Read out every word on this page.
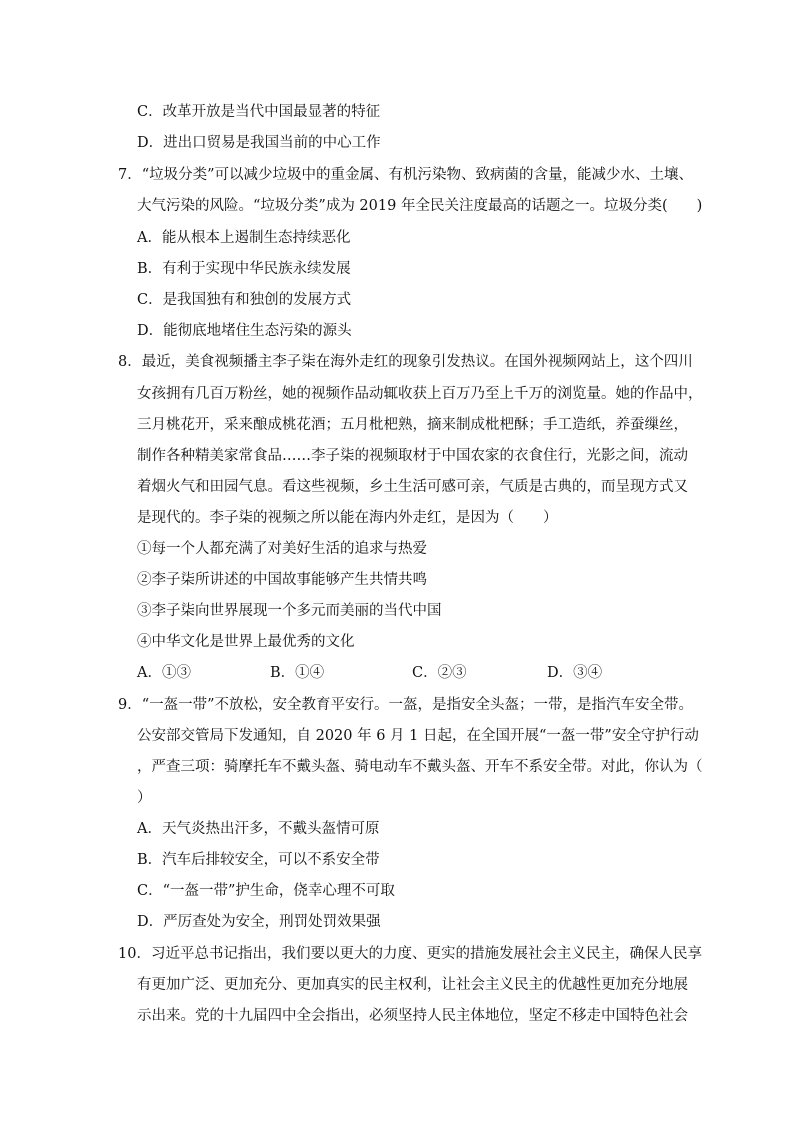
C．改革开放是当代中国最显著的特征
D．进出口贸易是我国当前的中心工作
7．“垃圾分类”可以减少垃圾中的重金属、有机污染物、致病菌的含量，能减少水、土壤、
大气污染的风险。“垃圾分类”成为 2019 年全民关注度最高的话题之一。垃圾分类(　　)
A．能从根本上遏制生态持续恶化
B．有利于实现中华民族永续发展
C．是我国独有和独创的发展方式
D．能彻底地堵住生态污染的源头
8．最近，美食视频播主李子柒在海外走红的现象引发热议。在国外视频网站上，这个四川
女孩拥有几百万粉丝，她的视频作品动辄收获上百万乃至上千万的浏览量。她的作品中，
三月桃花开，采来酿成桃花酒；五月枇杷熟，摘来制成枇杷酥；手工造纸，养蚕缫丝，
制作各种精美家常食品……李子柒的视频取材于中国农家的衣食住行，光影之间，流动
着烟火气和田园气息。看这些视频，乡土生活可感可亲，气质是古典的，而呈现方式又
是现代的。李子柒的视频之所以能在海内外走红，是因为（　　）
①每一个人都充满了对美好生活的追求与热爱
②李子柒所讲述的中国故事能够产生共情共鸣
③李子柒向世界展现一个多元而美丽的当代中国
④中华文化是世界上最优秀的文化
A．①③	B．①④	C．②③	D．③④
9．“一盔一带”不放松，安全教育平安行。一盔，是指安全头盔；一带，是指汽车安全带。
公安部交管局下发通知，自 2020 年 6 月 1 日起，在全国开展“一盔一带”安全守护行动
，严查三项：骑摩托车不戴头盔、骑电动车不戴头盔、开车不系安全带。对此，你认为（
）
A．天气炎热出汗多，不戴头盔情可原
B．汽车后排较安全，可以不系安全带
C．“一盔一带”护生命，侥幸心理不可取
D．严厉查处为安全，刑罚处罚效果强
10．习近平总书记指出，我们要以更大的力度、更实的措施发展社会主义民主，确保人民享
有更加广泛、更加充分、更加真实的民主权利，让社会主义民主的优越性更加充分地展
示出来。党的十九届四中全会指出，必须坚持人民主体地位，坚定不移走中国特色社会
